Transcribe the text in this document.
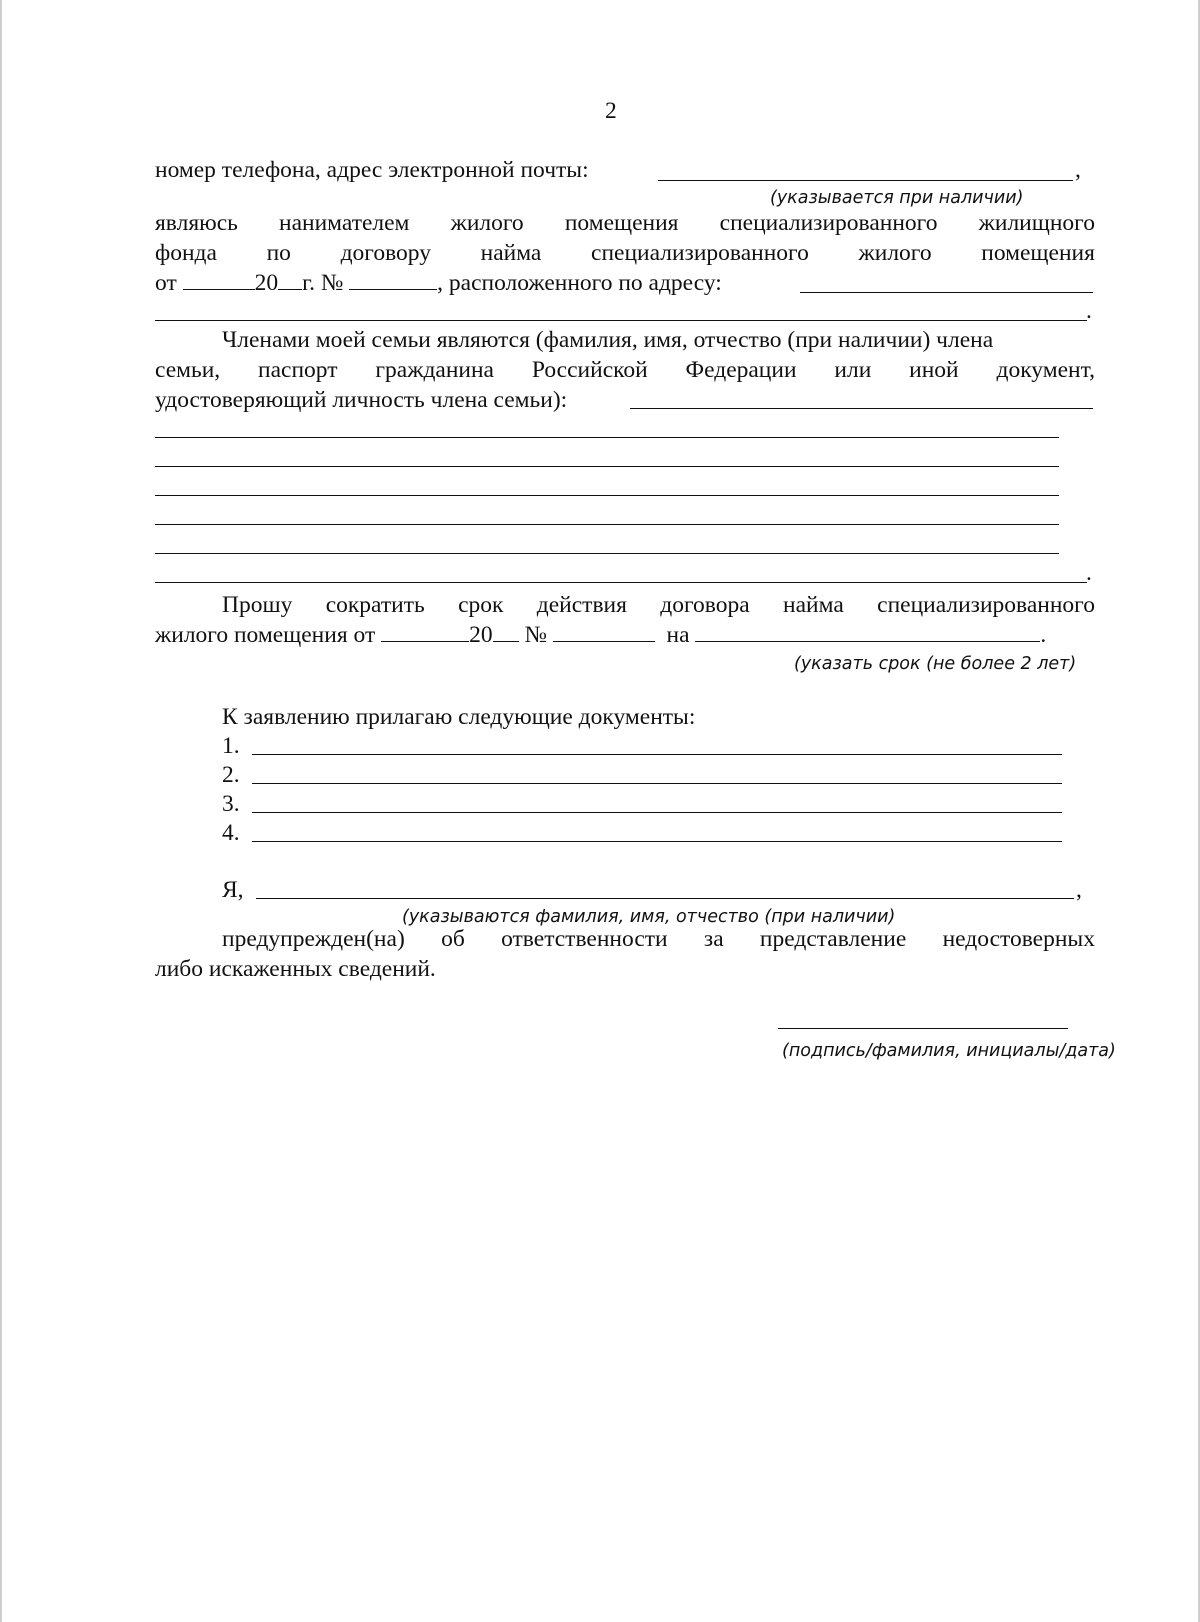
2
номер телефона, адрес электронной почты:	,
(указывается при наличии)
являюсь нанимателем жилого помещения специализированного жилищного
фонда по договору найма специализированного жилого помещения
от	20 г. №	, расположенного по адресу:
.
Членами моей семьи являются (фамилия, имя, отчество (при наличии) члена
семьи, паспорт гражданина Российской Федерации или иной документ,
удостоверяющий личность члена семьи):
.
Прошу сократить срок действия договора найма специализированного
жилого помещения от	20 №	на	.
(указать срок (не более 2 лет)
К заявлению прилагаю следующие документы:
1.
2.
3.
4.
Я,	,
(указываются фамилия, имя, отчество (при наличии)
предупрежден(на) об ответственности за представление недостоверных
либо искаженных сведений.
(подпись/фамилия, инициалы/дата)
